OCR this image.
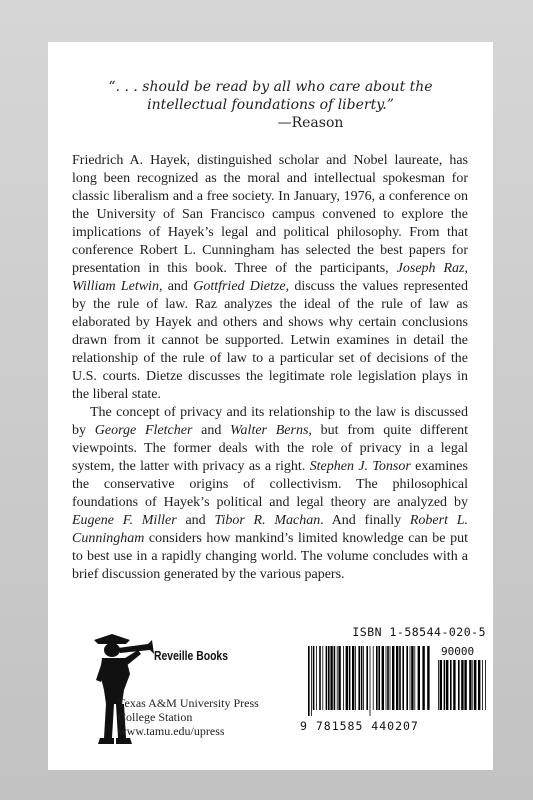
“. . . should be read by all who care about the
intellectual foundations of liberty.”
—Reason

Friedrich A. Hayek, distinguished scholar and Nobel laureate, has long been recognized as the moral and intellectual spokesman for classic liberalism and a free society. In January, 1976, a conference on the University of San Francisco campus convened to explore the implications of Hayek’s legal and political philosophy. From that conference Robert L. Cunningham has selected the best papers for presentation in this book. Three of the participants, Joseph Raz, William Letwin, and Gottfried Dietze, discuss the values represented by the rule of law. Raz analyzes the ideal of the rule of law as elaborated by Hayek and others and shows why certain conclusions drawn from it cannot be supported. Letwin examines in detail the relationship of the rule of law to a particular set of decisions of the U.S. courts. Dietze discusses the legitimate role legislation plays in the liberal state.

The concept of privacy and its relationship to the law is discussed by George Fletcher and Walter Berns, but from quite different viewpoints. The former deals with the role of privacy in a legal system, the latter with privacy as a right. Stephen J. Tonsor examines the conservative origins of collectivism. The philosophical foundations of Hayek’s political and legal theory are analyzed by Eugene F. Miller and Tibor R. Machan. And finally Robert L. Cunningham considers how mankind’s limited knowledge can be put to best use in a rapidly changing world. The volume concludes with a brief discussion generated by the various papers.

Reveille Books
Texas A&M University Press
College Station
www.tamu.edu/upress
ISBN 1-58544-020-5
90000
9 781585 440207
